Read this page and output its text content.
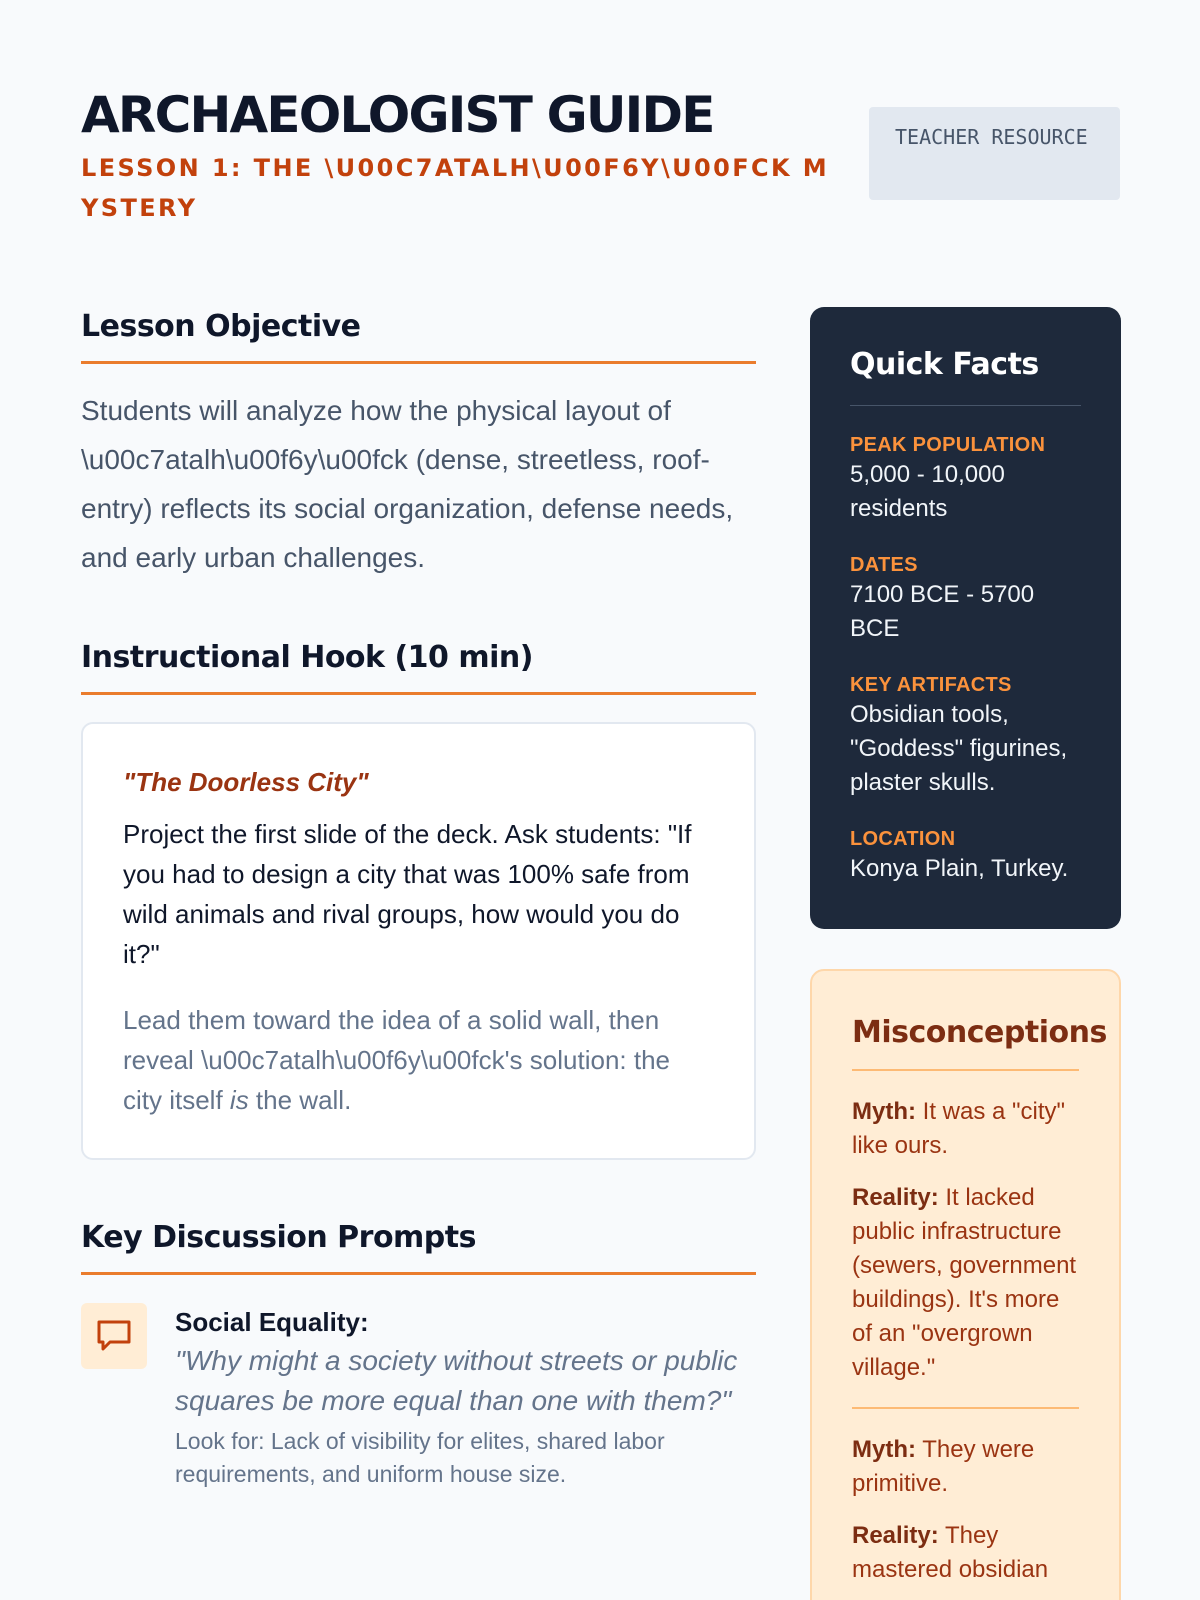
ARCHAEOLOGIST GUIDE
LESSON 1: THE \U00C7ATALH\U00F6Y\U00FCK MYSTERY
TEACHER RESOURCE
Lesson Objective

Students will analyze how the physical layout of \u00c7atalh\u00f6y\u00fck (dense, streetless, roof-entry) reflects its social organization, defense needs, and early urban challenges.

Instructional Hook (10 min)
"The Doorless City"

Project the first slide of the deck. Ask students: "If you had to design a city that was 100% safe from wild animals and rival groups, how would you do it?"

Lead them toward the idea of a solid wall, then reveal \u00c7atalh\u00f6y\u00fck's solution: the city itself is the wall.

Key Discussion Prompts
Social Equality:
"Why might a society without streets or public squares be more equal than one with them?"
Look for: Lack of visibility for elites, shared labor requirements, and uniform house size.
Quick Facts
PEAK POPULATION
5,000 - 10,000 residents
DATES
7100 BCE - 5700 BCE
KEY ARTIFACTS
Obsidian tools, "Goddess" figurines, plaster skulls.
LOCATION
Konya Plain, Turkey.
Misconceptions

Myth: It was a "city" like ours.

Reality: It lacked public infrastructure (sewers, government buildings). It's more of an "overgrown village."

Myth: They were primitive.

Reality: They mastered obsidian
